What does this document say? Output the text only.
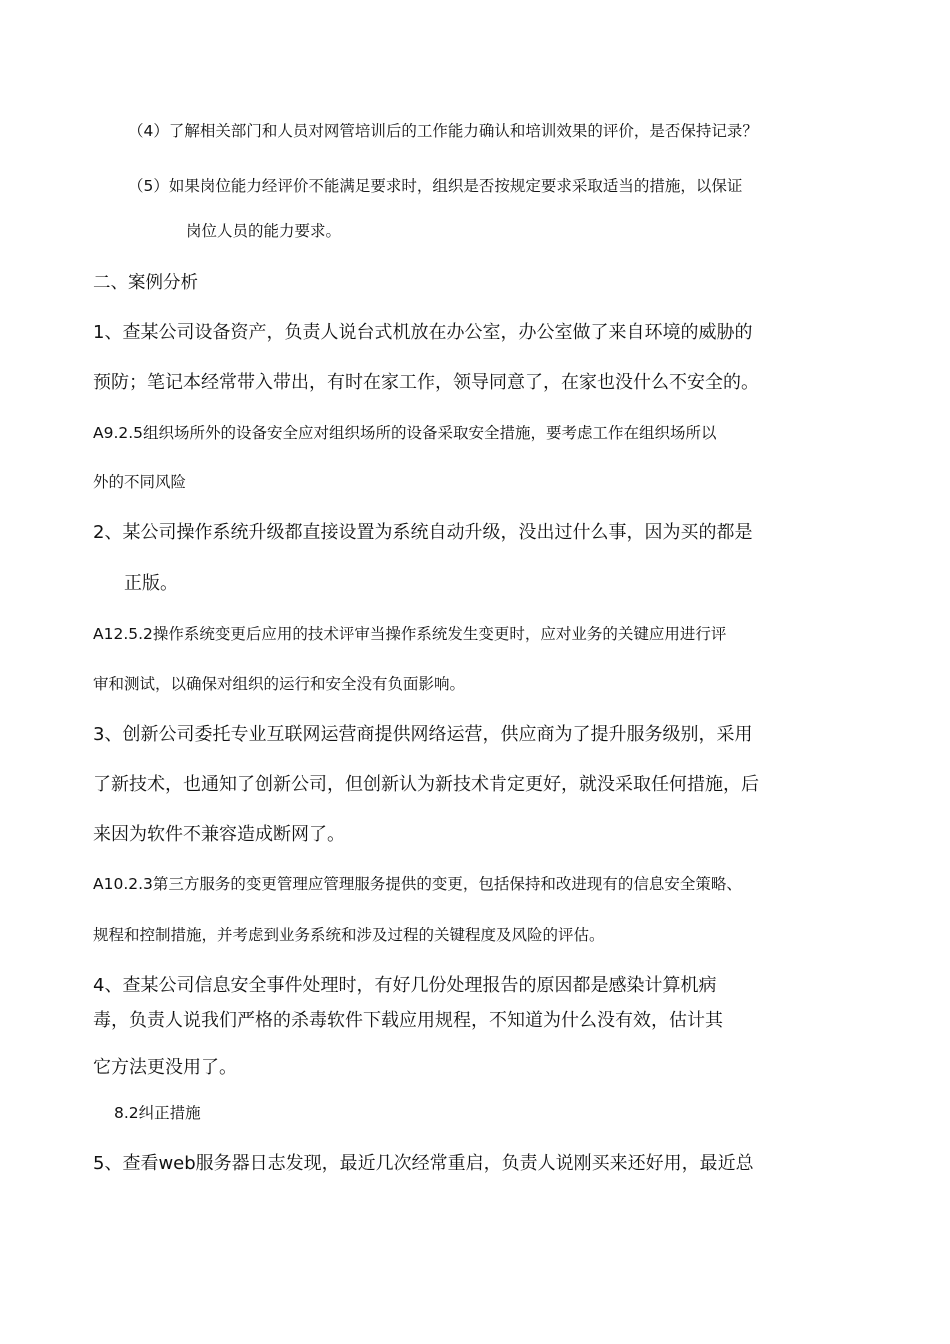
（4）了解相关部门和人员对网管培训后的工作能力确认和培训效果的评价，是否保持记录？
（5）如果岗位能力经评价不能满足要求时，组织是否按规定要求采取适当的措施，以保证
岗位人员的能力要求。
二、案例分析
1、查某公司设备资产，负责人说台式机放在办公室，办公室做了来自环境的威胁的
预防；笔记本经常带入带出，有时在家工作，领导同意了，在家也没什么不安全的。
A9.2.5组织场所外的设备安全应对组织场所的设备采取安全措施，要考虑工作在组织场所以
外的不同风险
2、某公司操作系统升级都直接设置为系统自动升级，没出过什么事，因为买的都是
正版。
A12.5.2操作系统变更后应用的技术评审当操作系统发生变更时，应对业务的关键应用进行评
审和测试，以确保对组织的运行和安全没有负面影响。
3、创新公司委托专业互联网运营商提供网络运营，供应商为了提升服务级别，采用
了新技术，也通知了创新公司，但创新认为新技术肯定更好，就没采取任何措施，后
来因为软件不兼容造成断网了。
A10.2.3第三方服务的变更管理应管理服务提供的变更，包括保持和改进现有的信息安全策略、
规程和控制措施，并考虑到业务系统和涉及过程的关键程度及风险的评估。
4、查某公司信息安全事件处理时，有好几份处理报告的原因都是感染计算机病
毒，负责人说我们严格的杀毒软件下载应用规程，不知道为什么没有效，估计其
它方法更没用了。
8.2纠正措施
5、查看web服务器日志发现，最近几次经常重启，负责人说刚买来还好用，最近总
